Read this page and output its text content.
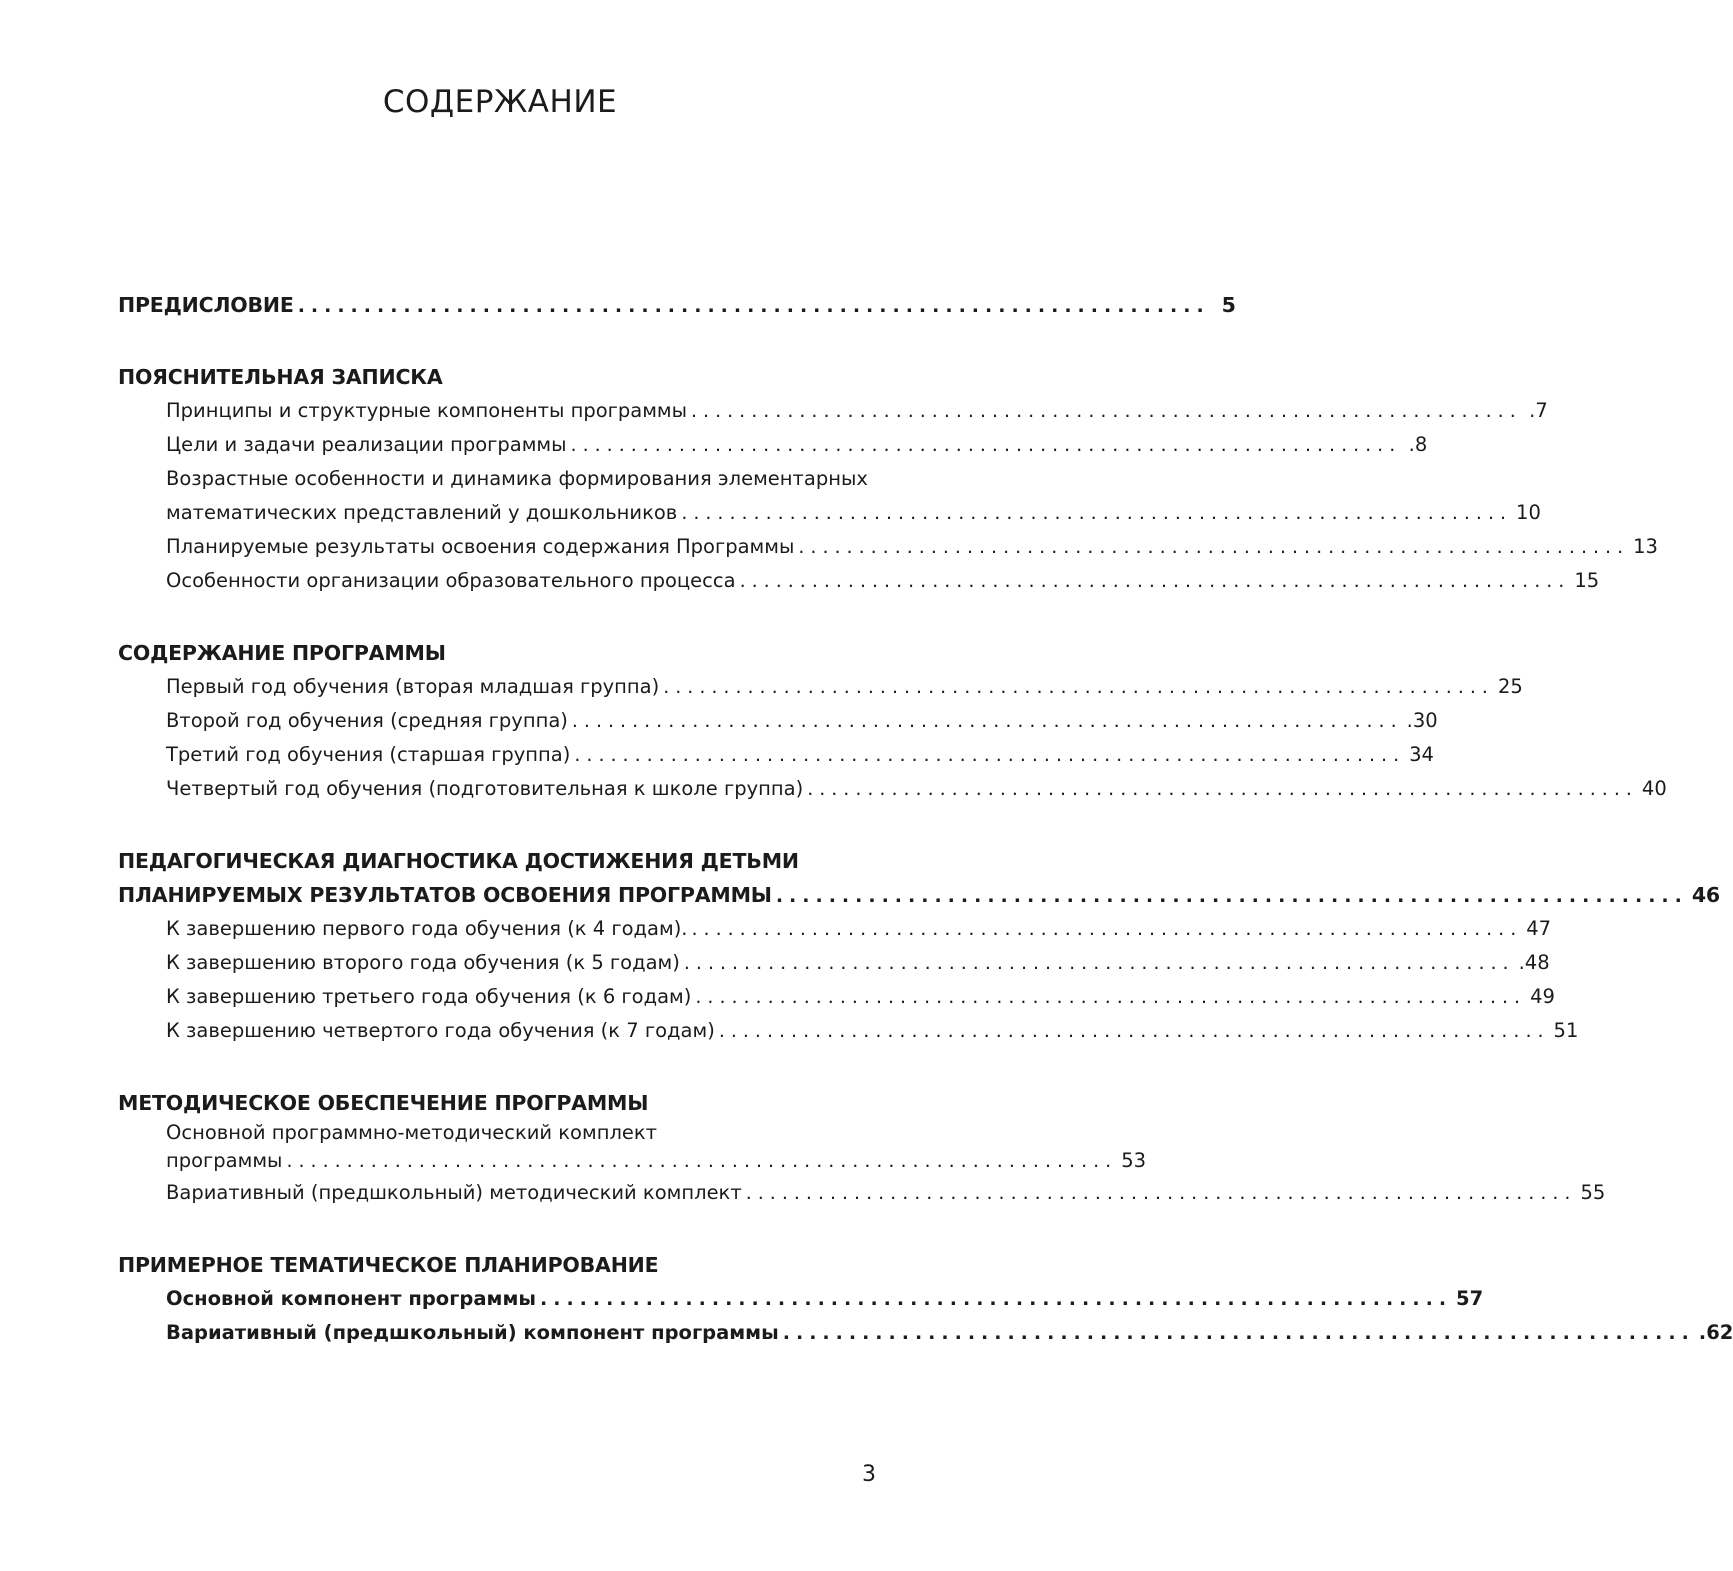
СОДЕРЖАНИЕ
ПРЕДИСЛОВИЕ ..................................................................... 5
ПОЯСНИТЕЛЬНАЯ ЗАПИСКА
Принципы и структурные компоненты программы ..................................................................... .7
Цели и задачи реализации программы ..................................................................... .8
Возрастные особенности и динамика формирования элементарных
математических представлений у дошкольников ..................................................................... 10
Планируемые результаты освоения содержания Программы ..................................................................... 13
Особенности организации образовательного процесса ..................................................................... 15
СОДЕРЖАНИЕ ПРОГРАММЫ
Первый год обучения (вторая младшая группа) ..................................................................... 25
Второй год обучения (средняя группа) ..................................................................... .30
Третий год обучения (старшая группа) ..................................................................... 34
Четвертый год обучения (подготовительная к школе группа) ..................................................................... 40
ПЕДАГОГИЧЕСКАЯ ДИАГНОСТИКА ДОСТИЖЕНИЯ ДЕТЬМИ
ПЛАНИРУЕМЫХ РЕЗУЛЬТАТОВ ОСВОЕНИЯ ПРОГРАММЫ ..................................................................... 46
К завершению первого года обучения (к 4 годам). ..................................................................... 47
К завершению второго года обучения (к 5 годам) ..................................................................... .48
К завершению третьего года обучения (к 6 годам) ..................................................................... 49
К завершению четвертого года обучения (к 7 годам) ..................................................................... 51
МЕТОДИЧЕСКОЕ ОБЕСПЕЧЕНИЕ ПРОГРАММЫ
Основной программно-методический комплект
программы ..................................................................... 53
Вариативный (предшкольный) методический комплект ..................................................................... 55
ПРИМЕРНОЕ ТЕМАТИЧЕСКОЕ ПЛАНИРОВАНИЕ
Основной компонент программы ..................................................................... 57
Вариативный (предшкольный) компонент программы ..................................................................... .62
3
